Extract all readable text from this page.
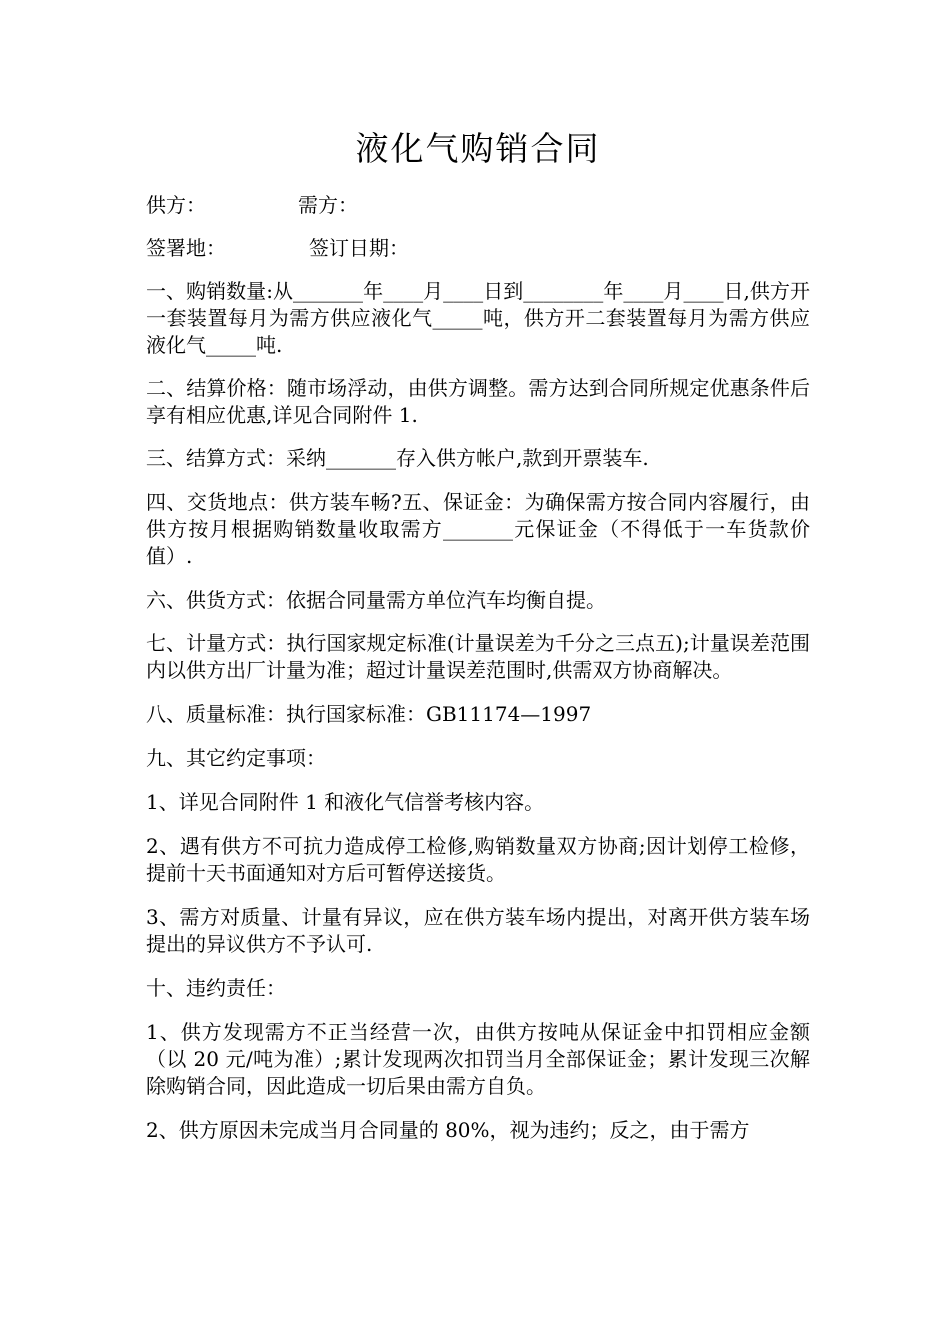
液化气购销合同
供方：	需方：
签署地：	签订日期：

一、购销数量:从_______年____月____日到________年____月____日,供方开一套装置每月为需方供应液化气_____吨，供方开二套装置每月为需方供应液化气_____吨.

二、结算价格：随市场浮动，由供方调整。需方达到合同所规定优惠条件后享有相应优惠,详见合同附件 1.

三、结算方式：采纳_______存入供方帐户,款到开票装车.

四、交货地点：供方装车畅?五、保证金：为确保需方按合同内容履行，由供方按月根据购销数量收取需方_______元保证金（不得低于一车货款价值）.

六、供货方式：依据合同量需方单位汽车均衡自提。

七、计量方式：执行国家规定标准(计量误差为千分之三点五);计量误差范围内以供方出厂计量为准；超过计量误差范围时,供需双方协商解决。

八、质量标准：执行国家标准：GB11174—1997

九、其它约定事项：

1、详见合同附件 1 和液化气信誉考核内容。

2、遇有供方不可抗力造成停工检修,购销数量双方协商;因计划停工检修，提前十天书面通知对方后可暂停送接货。

3、需方对质量、计量有异议，应在供方装车场内提出，对离开供方装车场提出的异议供方不予认可.

十、违约责任：

1、供方发现需方不正当经营一次，由供方按吨从保证金中扣罚相应金额（以 20 元/吨为准）;累计发现两次扣罚当月全部保证金；累计发现三次解除购销合同，因此造成一切后果由需方自负。

2、供方原因未完成当月合同量的 80%，视为违约；反之，由于需方
